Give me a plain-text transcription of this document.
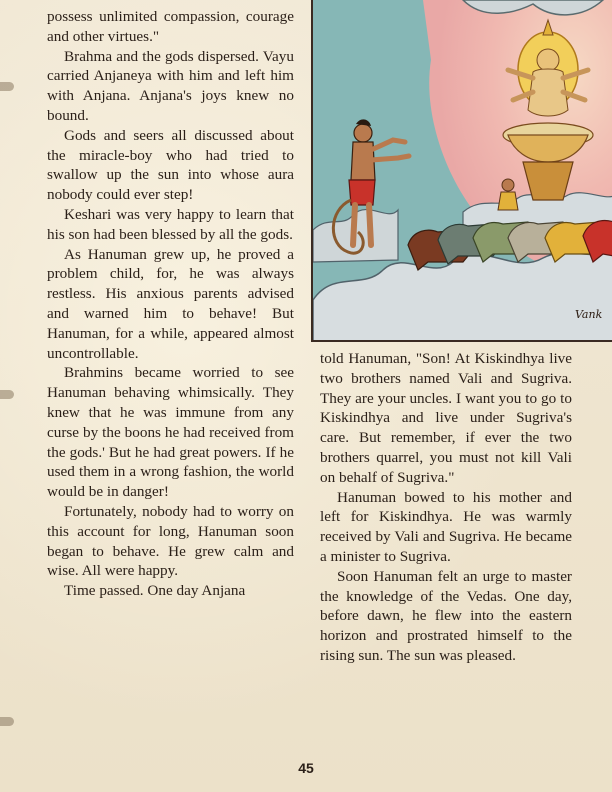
possess unlimited compassion, courage and other virtues."

Brahma and the gods dispersed. Vayu carried Anjaneya with him and left him with Anjana. Anjana's joys knew no bound.

Gods and seers all discussed about the miracle-boy who had tried to swallow up the sun into whose aura nobody could ever step!

Keshari was very happy to learn that his son had been blessed by all the gods.

As Hanuman grew up, he proved a problem child, for, he was always restless. His anxious parents advised and warned him to behave! But Hanuman, for a while, appeared almost uncontrollable.

Brahmins became worried to see Hanuman behaving whimsically. They knew that he was immune from any curse by the boons he had received from the gods.' But he had great powers. If he used them in a wrong fashion, the world would be in danger!

Fortunately, nobody had to worry on this account for long, Hanuman soon began to behave. He grew calm and wise. All were happy.

Time passed. One day Anjana

Vank

told Hanuman, "Son! At Kiskindhya live two brothers named Vali and Sugriva. They are your uncles. I want you to go to Kiskindhya and live under Sugriva's care. But remember, if ever the two brothers quarrel, you must not kill Vali on behalf of Sugriva."

Hanuman bowed to his mother and left for Kiskindhya. He was warmly received by Vali and Sugriva. He became a minister to Sugriva.

Soon Hanuman felt an urge to master the knowledge of the Vedas. One day, before dawn, he flew into the eastern horizon and prostrated himself to the rising sun. The sun was pleased.

45
